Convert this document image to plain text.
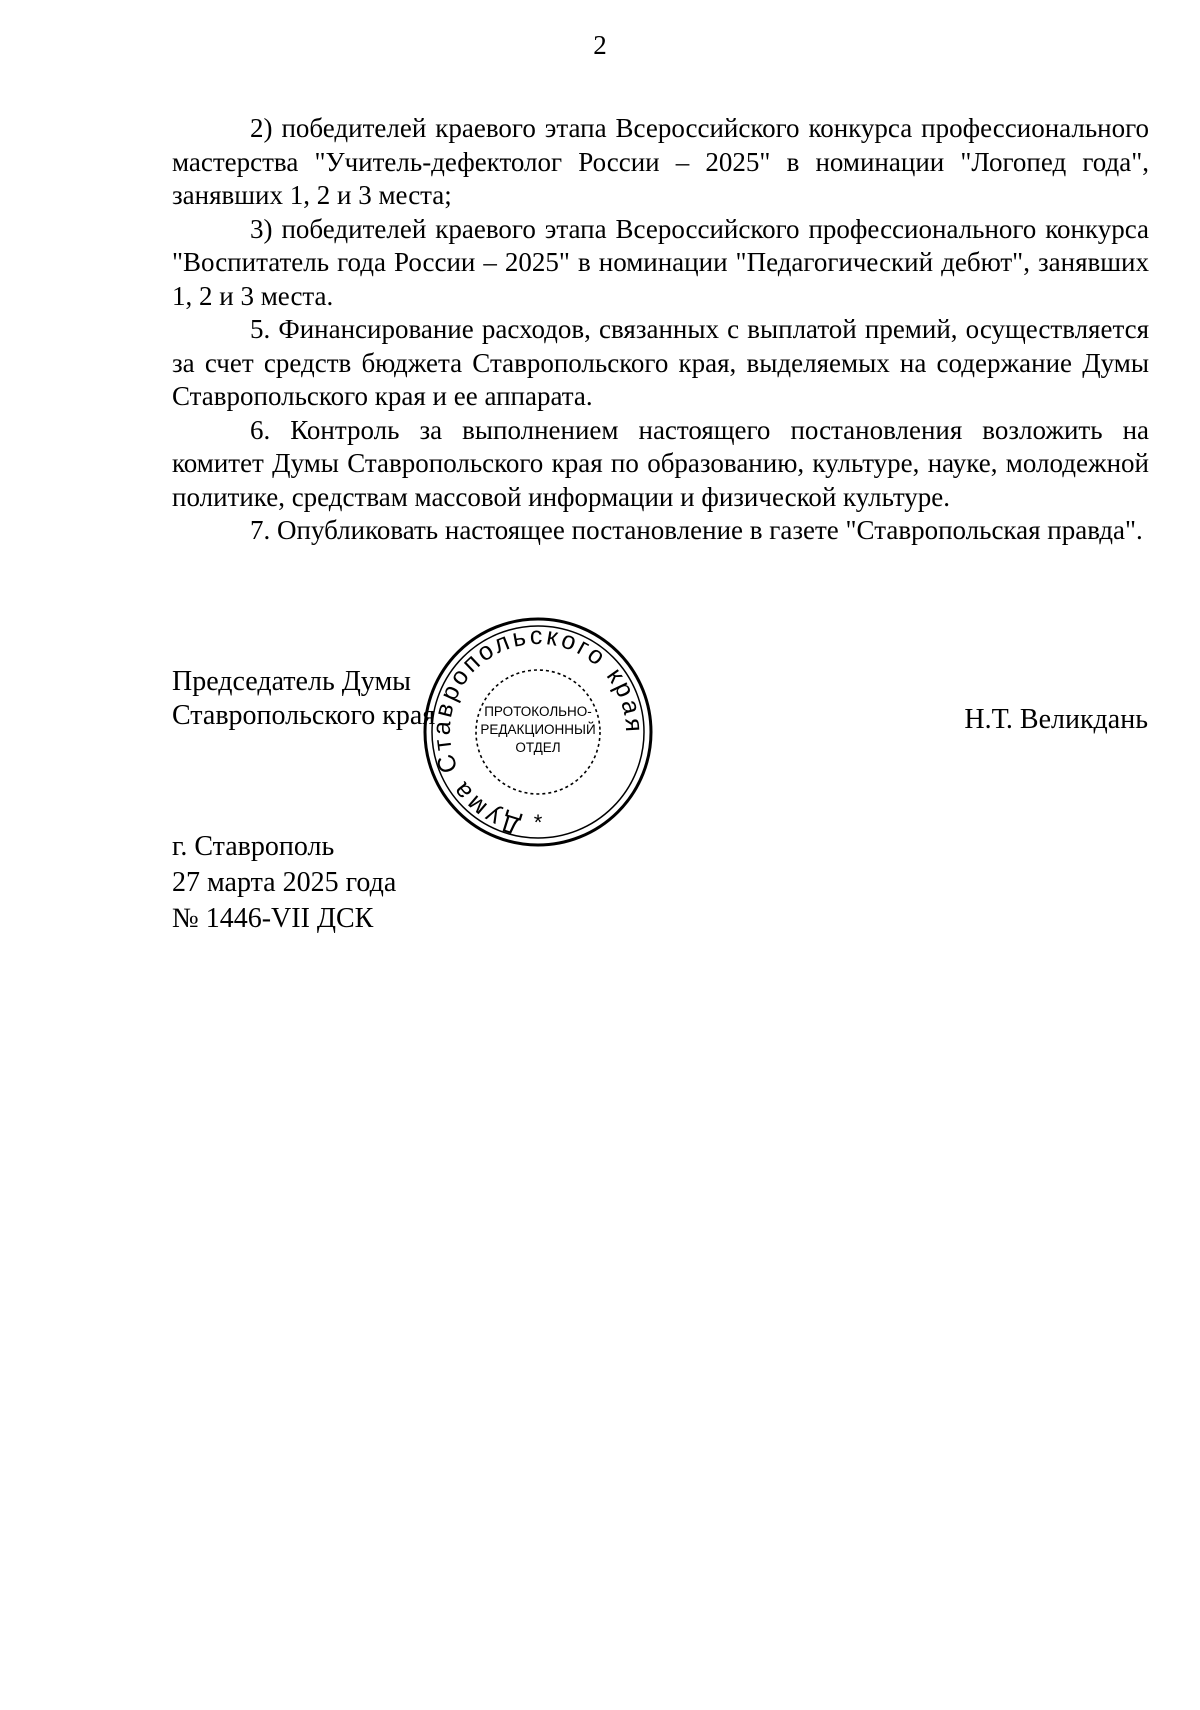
2

2) победителей краевого этапа Всероссийского конкурса профессионального мастерства "Учитель-дефектолог России – 2025" в номинации "Логопед года", занявших 1, 2 и 3 места;

3) победителей краевого этапа Всероссийского профессионального конкурса "Воспитатель года России – 2025" в номинации "Педагогический дебют", занявших 1, 2 и 3 места.

5. Финансирование расходов, связанных с выплатой премий, осуществляется за счет средств бюджета Ставропольского края, выделяемых на содержание Думы Ставропольского края и ее аппарата.

6. Контроль за выполнением настоящего постановления возложить на комитет Думы Ставропольского края по образованию, культуре, науке, молодежной политике, средствам массовой информации и физической культуре.

7. Опубликовать настоящее постановление в газете "Ставропольская правда".

Председатель Думы
Ставропольского края	Н.Т. Великдань
Дума Ставропольского края
ПРОТОКОЛЬНО-
РЕДАКЦИОННЫЙ
ОТДЕЛ
*
г. Ставрополь
27 марта 2025 года
№ 1446-VII ДСК
